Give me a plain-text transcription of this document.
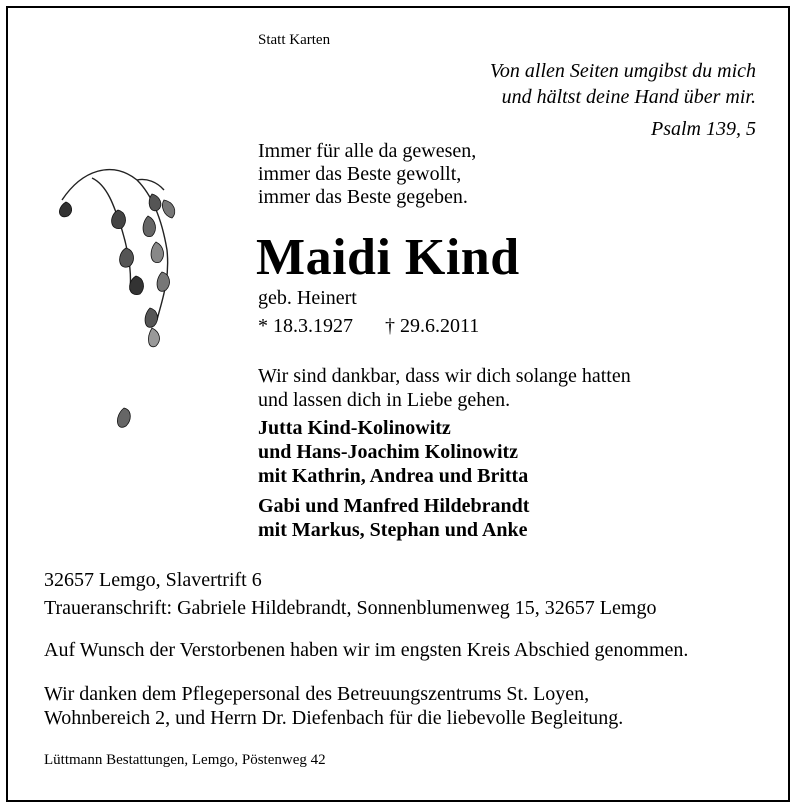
Statt Karten
Von allen Seiten umgibst du mich
und hältst deine Hand über mir.
Psalm 139, 5
Immer für alle da gewesen,
immer das Beste gewollt,
immer das Beste gegeben.
Maidi Kind
geb. Heinert
* 18.3.1927 † 29.6.2011
Wir sind dankbar, dass wir dich solange hatten
und lassen dich in Liebe gehen.
Jutta Kind-Kolinowitz
und Hans-Joachim Kolinowitz
mit Kathrin, Andrea und Britta
Gabi und Manfred Hildebrandt
mit Markus, Stephan und Anke
32657 Lemgo, Slavertrift 6
Traueranschrift: Gabriele Hildebrandt, Sonnenblumenweg 15, 32657 Lemgo
Auf Wunsch der Verstorbenen haben wir im engsten Kreis Abschied genommen.
Wir danken dem Pflegepersonal des Betreuungszentrums St. Loyen,
Wohnbereich 2, und Herrn Dr. Diefenbach für die liebevolle Begleitung.
Lüttmann Bestattungen, Lemgo, Pöstenweg 42
